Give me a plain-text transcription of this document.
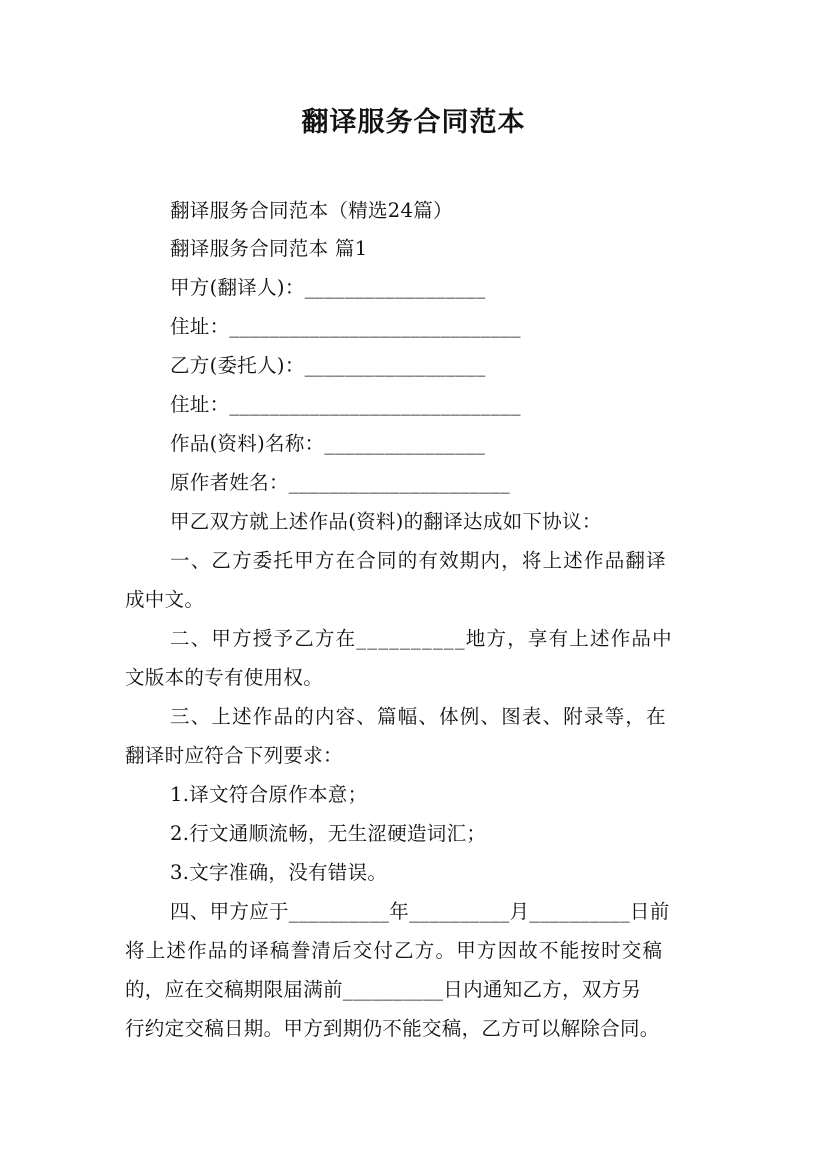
翻译服务合同范本
翻译服务合同范本（精选24篇）
翻译服务合同范本 篇1
甲方(翻译人)：__________________
住址：_____________________________
乙方(委托人)：__________________
住址：_____________________________
作品(资料)名称：________________
原作者姓名：______________________
甲乙双方就上述作品(资料)的翻译达成如下协议：
一、乙方委托甲方在合同的有效期内，将上述作品翻译
成中文。
二、甲方授予乙方在__________地方，享有上述作品中
文版本的专有使用权。
三、上述作品的内容、篇幅、体例、图表、附录等，在
翻译时应符合下列要求：
1.译文符合原作本意；
2.行文通顺流畅，无生涩硬造词汇；
3.文字准确，没有错误。
四、甲方应于__________年__________月__________日前
将上述作品的译稿誊清后交付乙方。甲方因故不能按时交稿
的，应在交稿期限届满前__________日内通知乙方，双方另
行约定交稿日期。甲方到期仍不能交稿，乙方可以解除合同。
